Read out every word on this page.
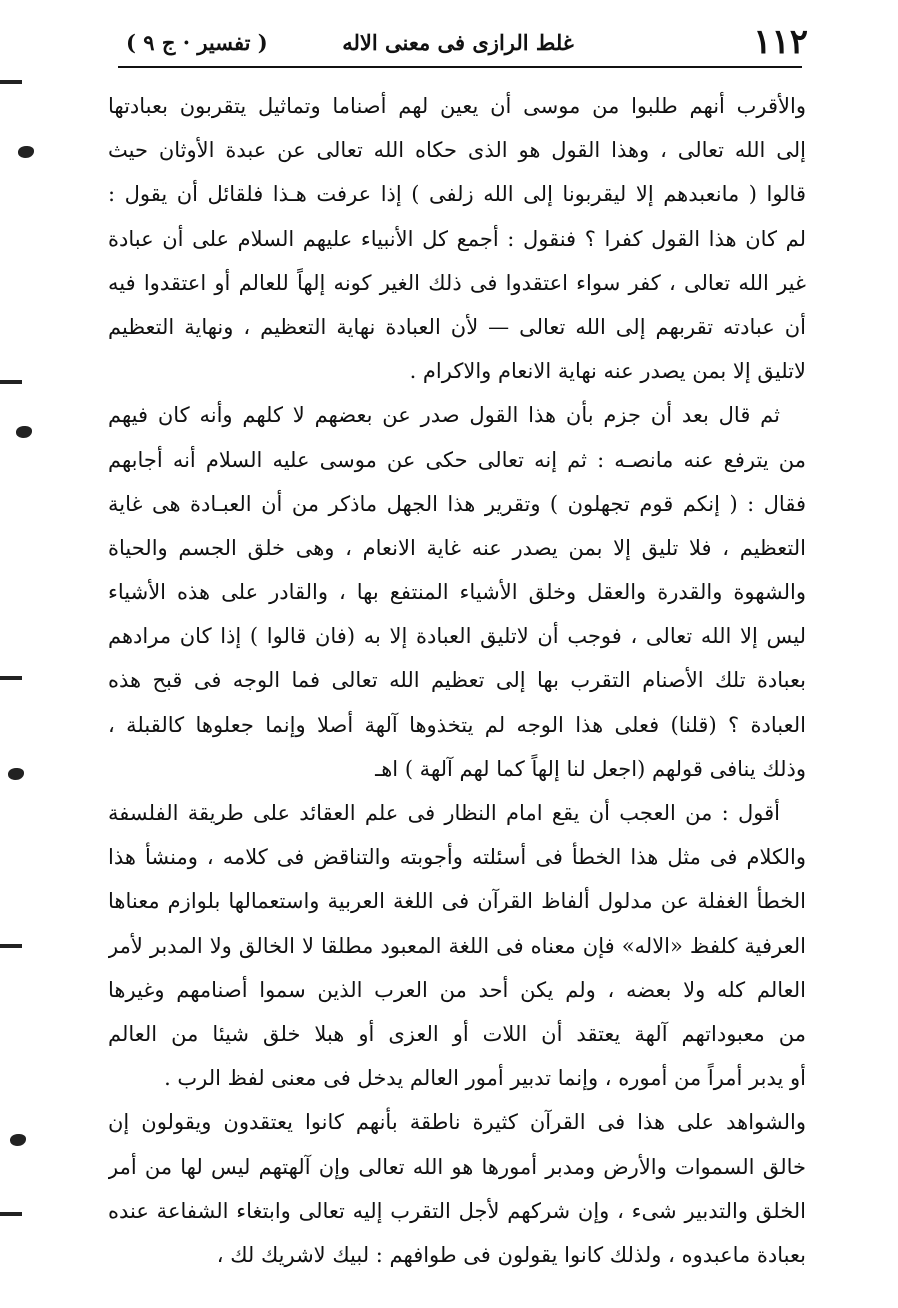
١١٢
غلط الرازى فى معنى الاله
( تفسير · ج ٩ )
والأقرب أنهم طلبوا من موسى أن يعين لهم أصناما وتماثيل يتقربون بعبادتها
إلى الله تعالى ، وهذا القول هو الذى حكاه الله تعالى عن عبدة الأوثان حيث
قالوا ( مانعبدهم إلا ليقربونا إلى الله زلفى ) إذا عرفت هـذا فلقائل أن يقول :
لم كان هذا القول كفرا ؟ فنقول : أجمع كل الأنبياء عليهم السلام على أن عبادة
غير الله تعالى ، كفر سواء اعتقدوا فى ذلك الغير كونه إلهاً للعالم أو اعتقدوا فيه
أن عبادته تقربهم إلى الله تعالى — لأن العبادة نهاية التعظيم ، ونهاية التعظيم
لاتليق إلا بمن يصدر عنه نهاية الانعام والاكرام .
ثم قال بعد أن جزم بأن هذا القول صدر عن بعضهم لا كلهم وأنه كان فيهم
من يترفع عنه مانصـه : ثم إنه تعالى حكى عن موسى عليه السلام أنه أجابهم
فقال : ( إنكم قوم تجهلون ) وتقرير هذا الجهل ماذكر من أن العبـادة هى غاية
التعظيم ، فلا تليق إلا بمن يصدر عنه غاية الانعام ، وهى خلق الجسم والحياة
والشهوة والقدرة والعقل وخلق الأشياء المنتفع بها ، والقادر على هذه الأشياء
ليس إلا الله تعالى ، فوجب أن لاتليق العبادة إلا به (فان قالوا ) إذا كان مرادهم
بعبادة تلك الأصنام التقرب بها إلى تعظيم الله تعالى فما الوجه فى قبح هذه
العبادة ؟ (قلنا) فعلى هذا الوجه لم يتخذوها آلهة أصلا وإنما جعلوها كالقبلة ،
وذلك ينافى قولهم (اجعل لنا إلهاً كما لهم آلهة ) اهـ
أقول : من العجب أن يقع امام النظار فى علم العقائد على طريقة الفلسفة
والكلام فى مثل هذا الخطأ فى أسئلته وأجوبته والتناقض فى كلامه ، ومنشأ هذا
الخطأ الغفلة عن مدلول ألفاظ القرآن فى اللغة العربية واستعمالها بلوازم معناها
العرفية كلفظ «الاله» فإن معناه فى اللغة المعبود مطلقا لا الخالق ولا المدبر لأمر
العالم كله ولا بعضه ، ولم يكن أحد من العرب الذين سموا أصنامهم وغيرها
من معبوداتهم آلهة يعتقد أن اللات أو العزى أو هبلا خلق شيئا من العالم
أو يدبر أمراً من أموره ، وإنما تدبير أمور العالم يدخل فى معنى لفظ الرب .
والشواهد على هذا فى القرآن كثيرة ناطقة بأنهم كانوا يعتقدون ويقولون إن
خالق السموات والأرض ومدبر أمورها هو الله تعالى وإن آلهتهم ليس لها من أمر
الخلق والتدبير شىء ، وإن شركهم لأجل التقرب إليه تعالى وابتغاء الشفاعة عنده
بعبادة ماعبدوه ، ولذلك كانوا يقولون فى طوافهم : لبيك لاشريك لك ،
